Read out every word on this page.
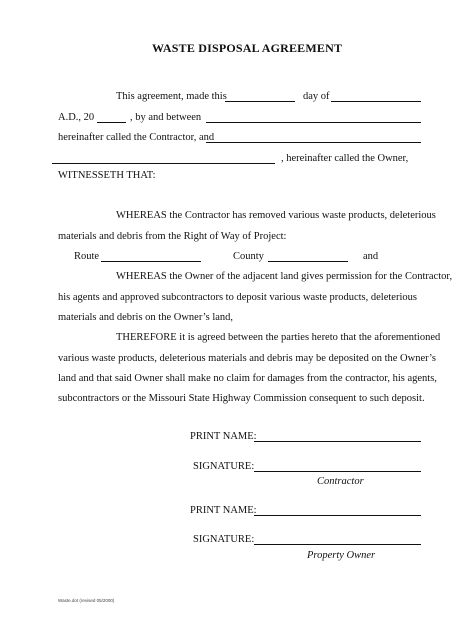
WASTE DISPOSAL AGREEMENT
This agreement, made this	day of
A.D., 20	, by and between
hereinafter called the Contractor, and
, hereinafter called the Owner,
WITNESSETH THAT:
WHEREAS the Contractor has removed various waste products, deleterious
materials and debris from the Right of Way of Project:
Route	County	and
WHEREAS the Owner of the adjacent land gives permission for the Contractor,
his agents and approved subcontractors to deposit various waste products, deleterious
materials and debris on the Owner’s land,
THEREFORE it is agreed between the parties hereto that the aforementioned
various waste products, deleterious materials and debris may be deposited on the Owner’s
land and that said Owner shall make no claim for damages from the contractor, his agents,
subcontractors or the Missouri State Highway Commission consequent to such deposit.
PRINT NAME:
SIGNATURE:
Contractor
PRINT NAME:
SIGNATURE:
Property Owner
Waste.dot (revised 05/2000)
